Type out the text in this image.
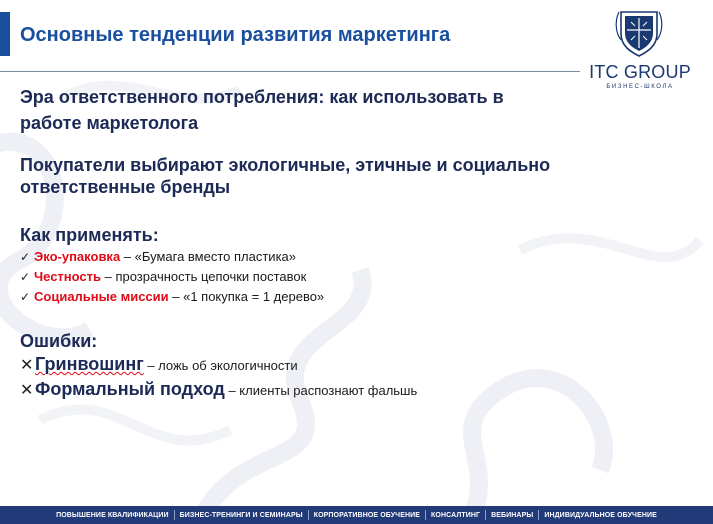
Основные тенденции развития маркетинга
ITC GROUP
БИЗНЕС-ШКОЛА
Эра ответственного потребления: как использовать в работе маркетолога
Покупатели выбирают экологичные, этичные и социально ответственные бренды
Как применять:
✓ Эко-упаковка – «Бумага вместо пластика»
✓ Честность – прозрачность цепочки поставок
✓ Социальные миссии – «1 покупка = 1 дерево»
Ошибки:
✕Гринвошинг – ложь об экологичности
✕Формальный подход – клиенты распознают фальшь
ПОВЫШЕНИЕ КВАЛИФИКАЦИИ	БИЗНЕС-ТРЕНИНГИ И СЕМИНАРЫ	КОРПОРАТИВНОЕ ОБУЧЕНИЕ	КОНСАЛТИНГ	ВЕБИНАРЫ	ИНДИВИДУАЛЬНОЕ ОБУЧЕНИЕ
